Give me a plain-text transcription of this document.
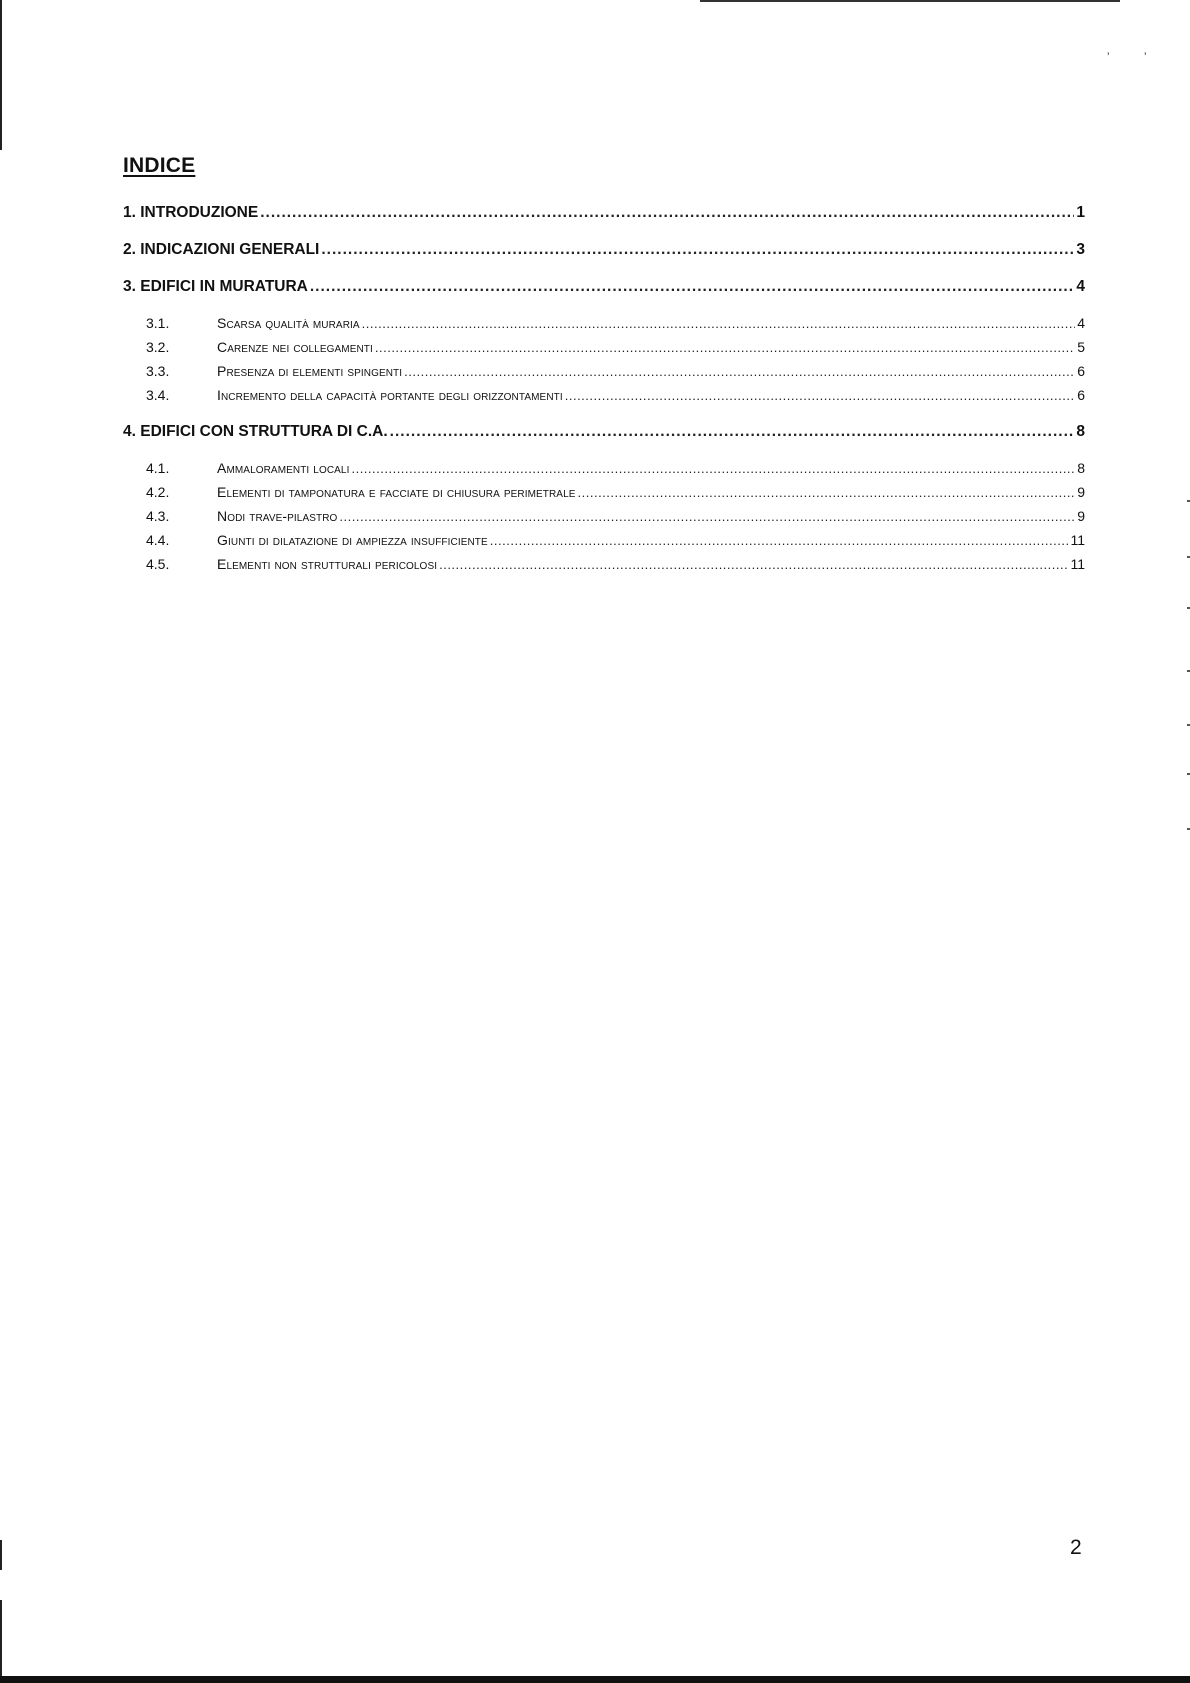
’	’
INDICE
1.
INTRODUZIONE .....	1
2.
INDICAZIONI GENERALI .....	3
3.
EDIFICI IN MURATURA .....	4
3.1.	Scarsa qualità muraria .....	4
3.2.	Carenze nei collegamenti .....	5
3.3.	Presenza di elementi spingenti .....	6
3.4.	Incremento della capacità portante degli orizzontamenti .....	6
4.
EDIFICI CON STRUTTURA DI C.A. .....	8
4.1.	Ammaloramenti locali .....	8
4.2.	Elementi di tamponatura e facciate di chiusura perimetrale .....	9
4.3.	Nodi trave-pilastro .....	9
4.4.	Giunti di dilatazione di ampiezza insufficiente .....	11
4.5.	Elementi non strutturali pericolosi .....	11
2
